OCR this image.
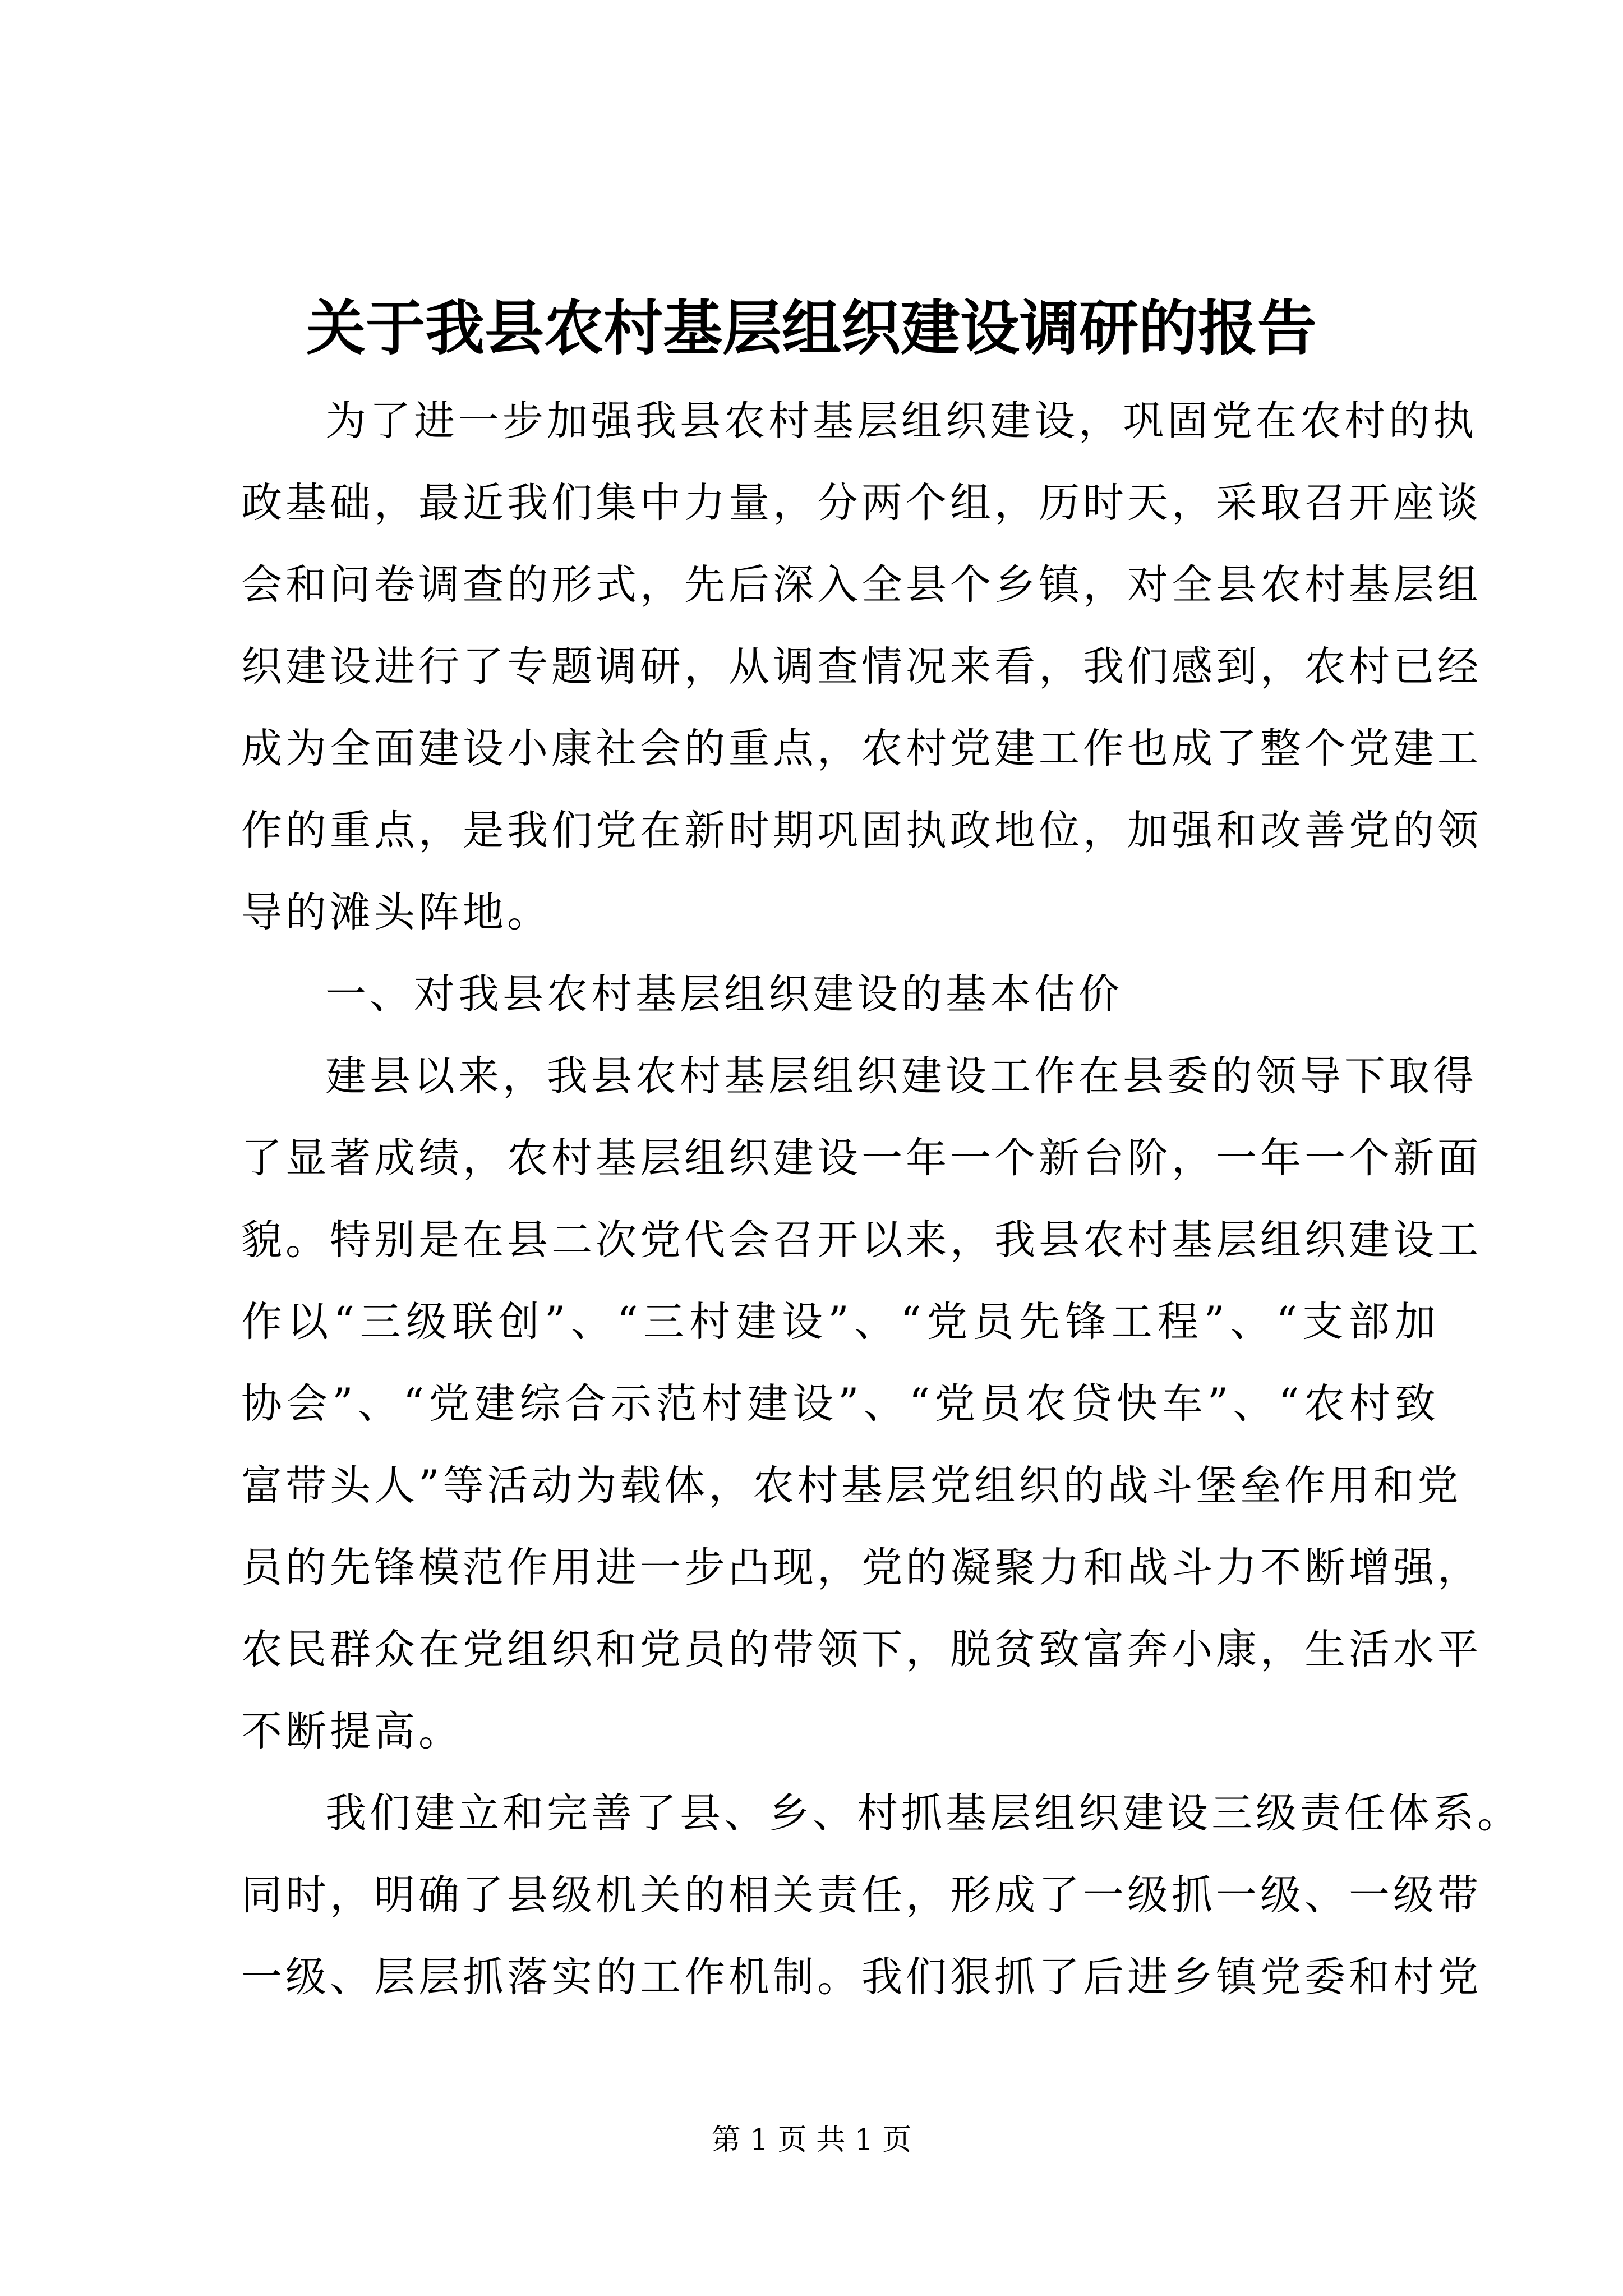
关于我县农村基层组织建设调研的报告
为了进一步加强我县农村基层组织建设，巩固党在农村的执
政基础，最近我们集中力量，分两个组，历时天，采取召开座谈
会和问卷调查的形式，先后深入全县个乡镇，对全县农村基层组
织建设进行了专题调研，从调查情况来看，我们感到，农村已经
成为全面建设小康社会的重点，农村党建工作也成了整个党建工
作的重点，是我们党在新时期巩固执政地位，加强和改善党的领
导的滩头阵地。
一、对我县农村基层组织建设的基本估价
建县以来，我县农村基层组织建设工作在县委的领导下取得
了显著成绩，农村基层组织建设一年一个新台阶，一年一个新面
貌。特别是在县二次党代会召开以来，我县农村基层组织建设工
作以“三级联创”、“三村建设”、“党员先锋工程”、“支部加
协会”、“党建综合示范村建设”、“党员农贷快车”、“农村致
富带头人”等活动为载体，农村基层党组织的战斗堡垒作用和党
员的先锋模范作用进一步凸现，党的凝聚力和战斗力不断增强，
农民群众在党组织和党员的带领下，脱贫致富奔小康，生活水平
不断提高。
我们建立和完善了县、乡、村抓基层组织建设三级责任体系。
同时，明确了县级机关的相关责任，形成了一级抓一级、一级带
一级、层层抓落实的工作机制。我们狠抓了后进乡镇党委和村党
第 1 页 共 1 页
